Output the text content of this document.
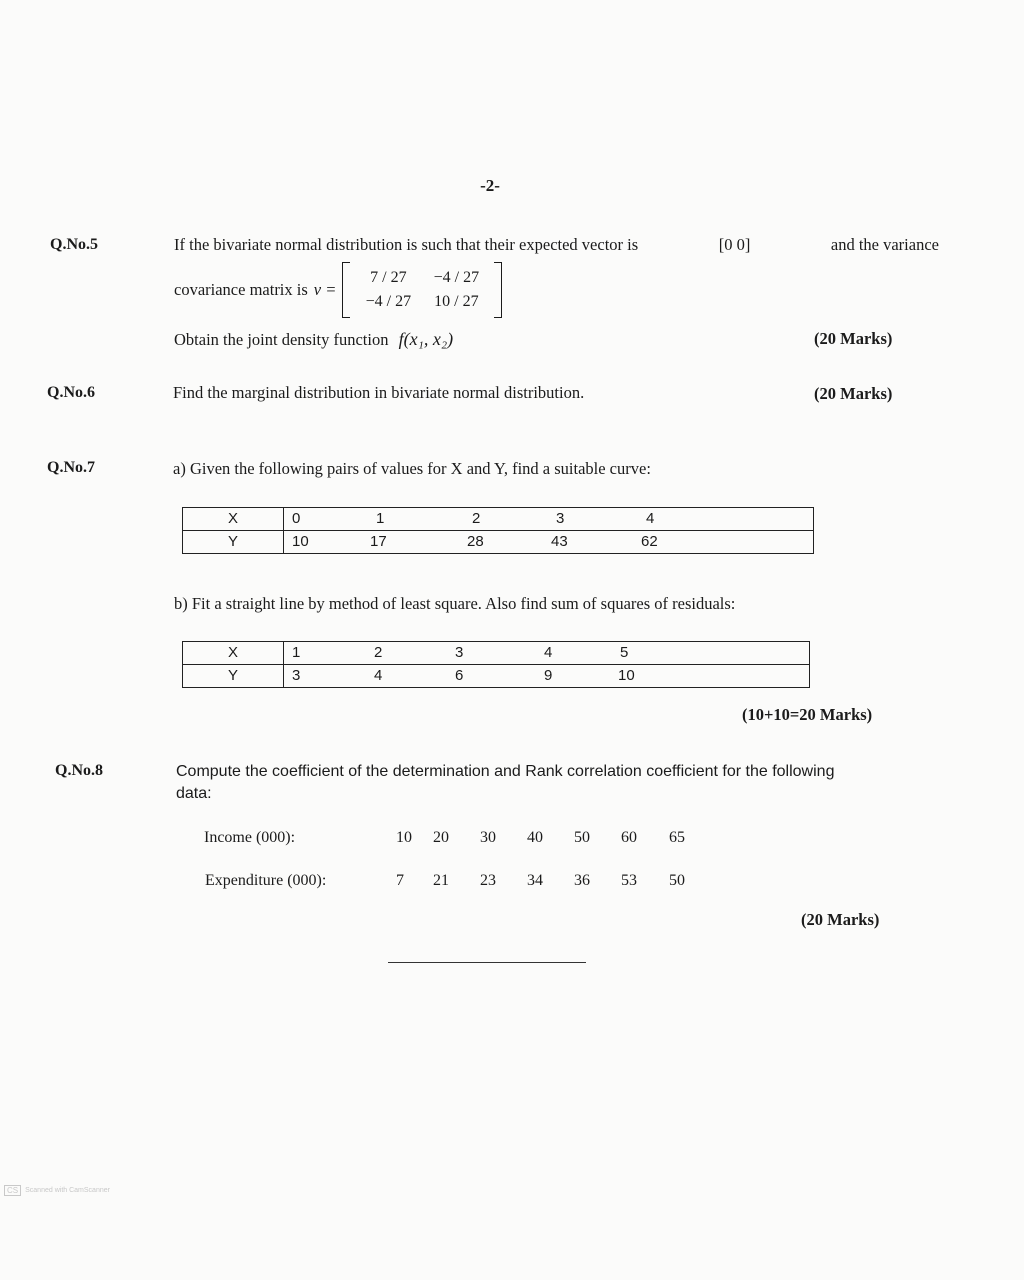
-2-
Q.No.5	If the bivariate normal distribution is such that their expected vector is	[0 0]	and the variance
covariance matrix is v =
7 / 27	−4 / 27
−4 / 27	10 / 27
Obtain the joint density function f(x₁, x₂)	(20 Marks)
Q.No.6	Find the marginal distribution in bivariate normal distribution.	(20 Marks)
Q.No.7	a) Given the following pairs of values for X and Y, find a suitable curve:
X	0 1 2 3 4

Y	10 17 28 43 62
b) Fit a straight line by method of least square. Also find sum of squares of residuals:
X	1 2 3 4 5

Y	3 4 6 9 10
(10+10=20 Marks)
Q.No.8	Compute the coefficient of the determination and Rank correlation coefficient for the following
data:
Income (000):	10 20 30 40 50 60 65
Expenditure (000):	7 21 23 34 36 53 50
(20 Marks)
CS	Scanned with CamScanner
